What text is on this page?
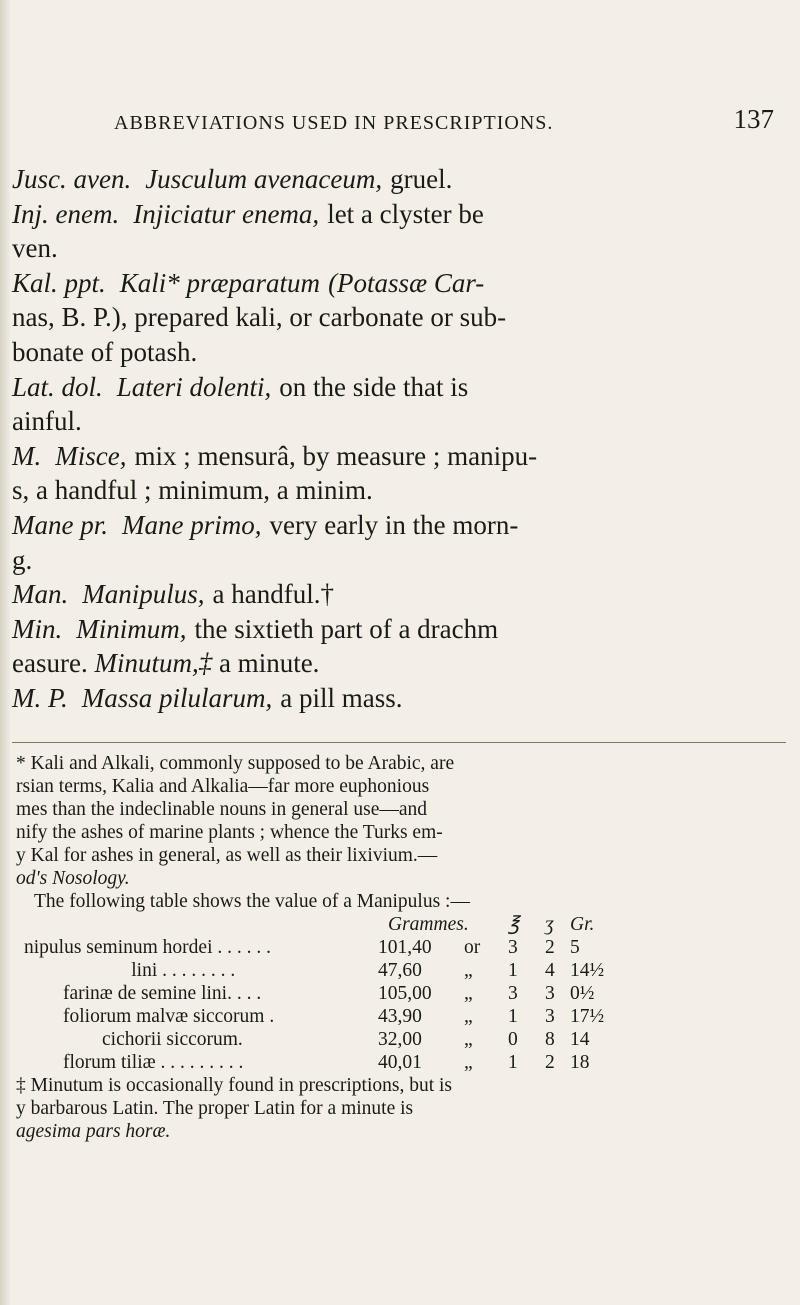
ABBREVIATIONS USED IN PRESCRIPTIONS.	137

Jusc. aven. Jusculum avenaceum, gruel.

Inj. enem. Injiciatur enema, let a clyster be

ven.

Kal. ppt. Kali* præparatum (Potassæ Car-

nas, B. P.), prepared kali, or carbonate or sub-

bonate of potash.

Lat. dol. Lateri dolenti, on the side that is

ainful.

M. Misce, mix ; mensurâ, by measure ; manipu-

s, a handful ; minimum, a minim.

Mane pr. Mane primo, very early in the morn-

g.

Man. Manipulus, a handful.†

Min. Minimum, the sixtieth part of a drachm

easure. Minutum,‡ a minute.

M. P. Massa pilularum, a pill mass.

* Kali and Alkali, commonly supposed to be Arabic, are

rsian terms, Kalia and Alkalia—far more euphonious

mes than the indeclinable nouns in general use—and

nify the ashes of marine plants ; whence the Turks em-

y Kal for ashes in general, as well as their lixivium.—

od's Nosology.

The following table shows the value of a Manipulus :—

Grammes. ℥ ʒ Gr.
nipulus seminum hordei . . . . . .	101,40 or 3 2 5
lini . . . . . . . .	47,60 „ 1 4 14½
farinæ de semine lini. . . .	105,00 „ 3 3 0½
foliorum malvæ siccorum .	43,90 „ 1 3 17½
cichorii siccorum.	32,00 „ 0 8 14
florum tiliæ . . . . . . . . .	40,01 „ 1 2 18

‡ Minutum is occasionally found in prescriptions, but is

y barbarous Latin. The proper Latin for a minute is

agesima pars horæ.
